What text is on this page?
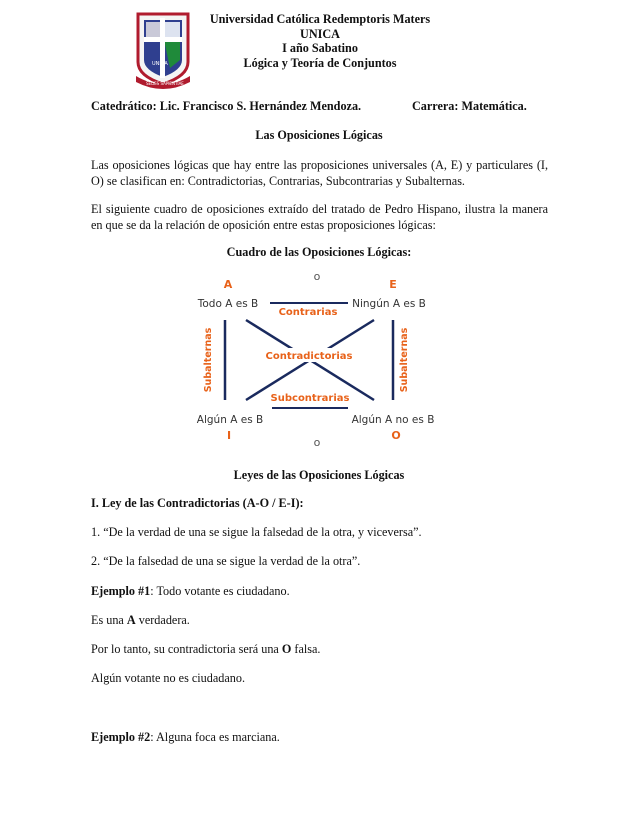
UNICA
SEDES SAPIENTIAE
Universidad Católica Redemptoris Maters
UNICA
I año Sabatino
Lógica y Teoría de Conjuntos
Catedrático: Lic. Francisco S. Hernández Mendoza.	Carrera: Matemática.
Las Oposiciones Lógicas
Las oposiciones lógicas que hay entre las proposiciones universales (A, E) y particulares (I, O) se clasifican en: Contradictorias, Contrarias, Subcontrarias y Subalternas.
El siguiente cuadro de oposiciones extraído del tratado de Pedro Hispano, ilustra la manera en que se da la relación de oposición entre estas proposiciones lógicas:
Cuadro de las Oposiciones Lógicas:
o
A	E
Todo A es B	Ningún A es B
Contrarias
Subalternas	Subalternas
Contradictorias
Subcontrarias
Algún A es B	Algún A no es B
I	O
o
Leyes de las Oposiciones Lógicas
I. Ley de las Contradictorias (A-O / E-I):
1. “De la verdad de una se sigue la falsedad de la otra, y viceversa”.
2. “De la falsedad de una se sigue la verdad de la otra”.
Ejemplo #1: Todo votante es ciudadano.
Es una A verdadera.
Por lo tanto, su contradictoria será una O falsa.
Algún votante no es ciudadano.
Ejemplo #2: Alguna foca es marciana.
